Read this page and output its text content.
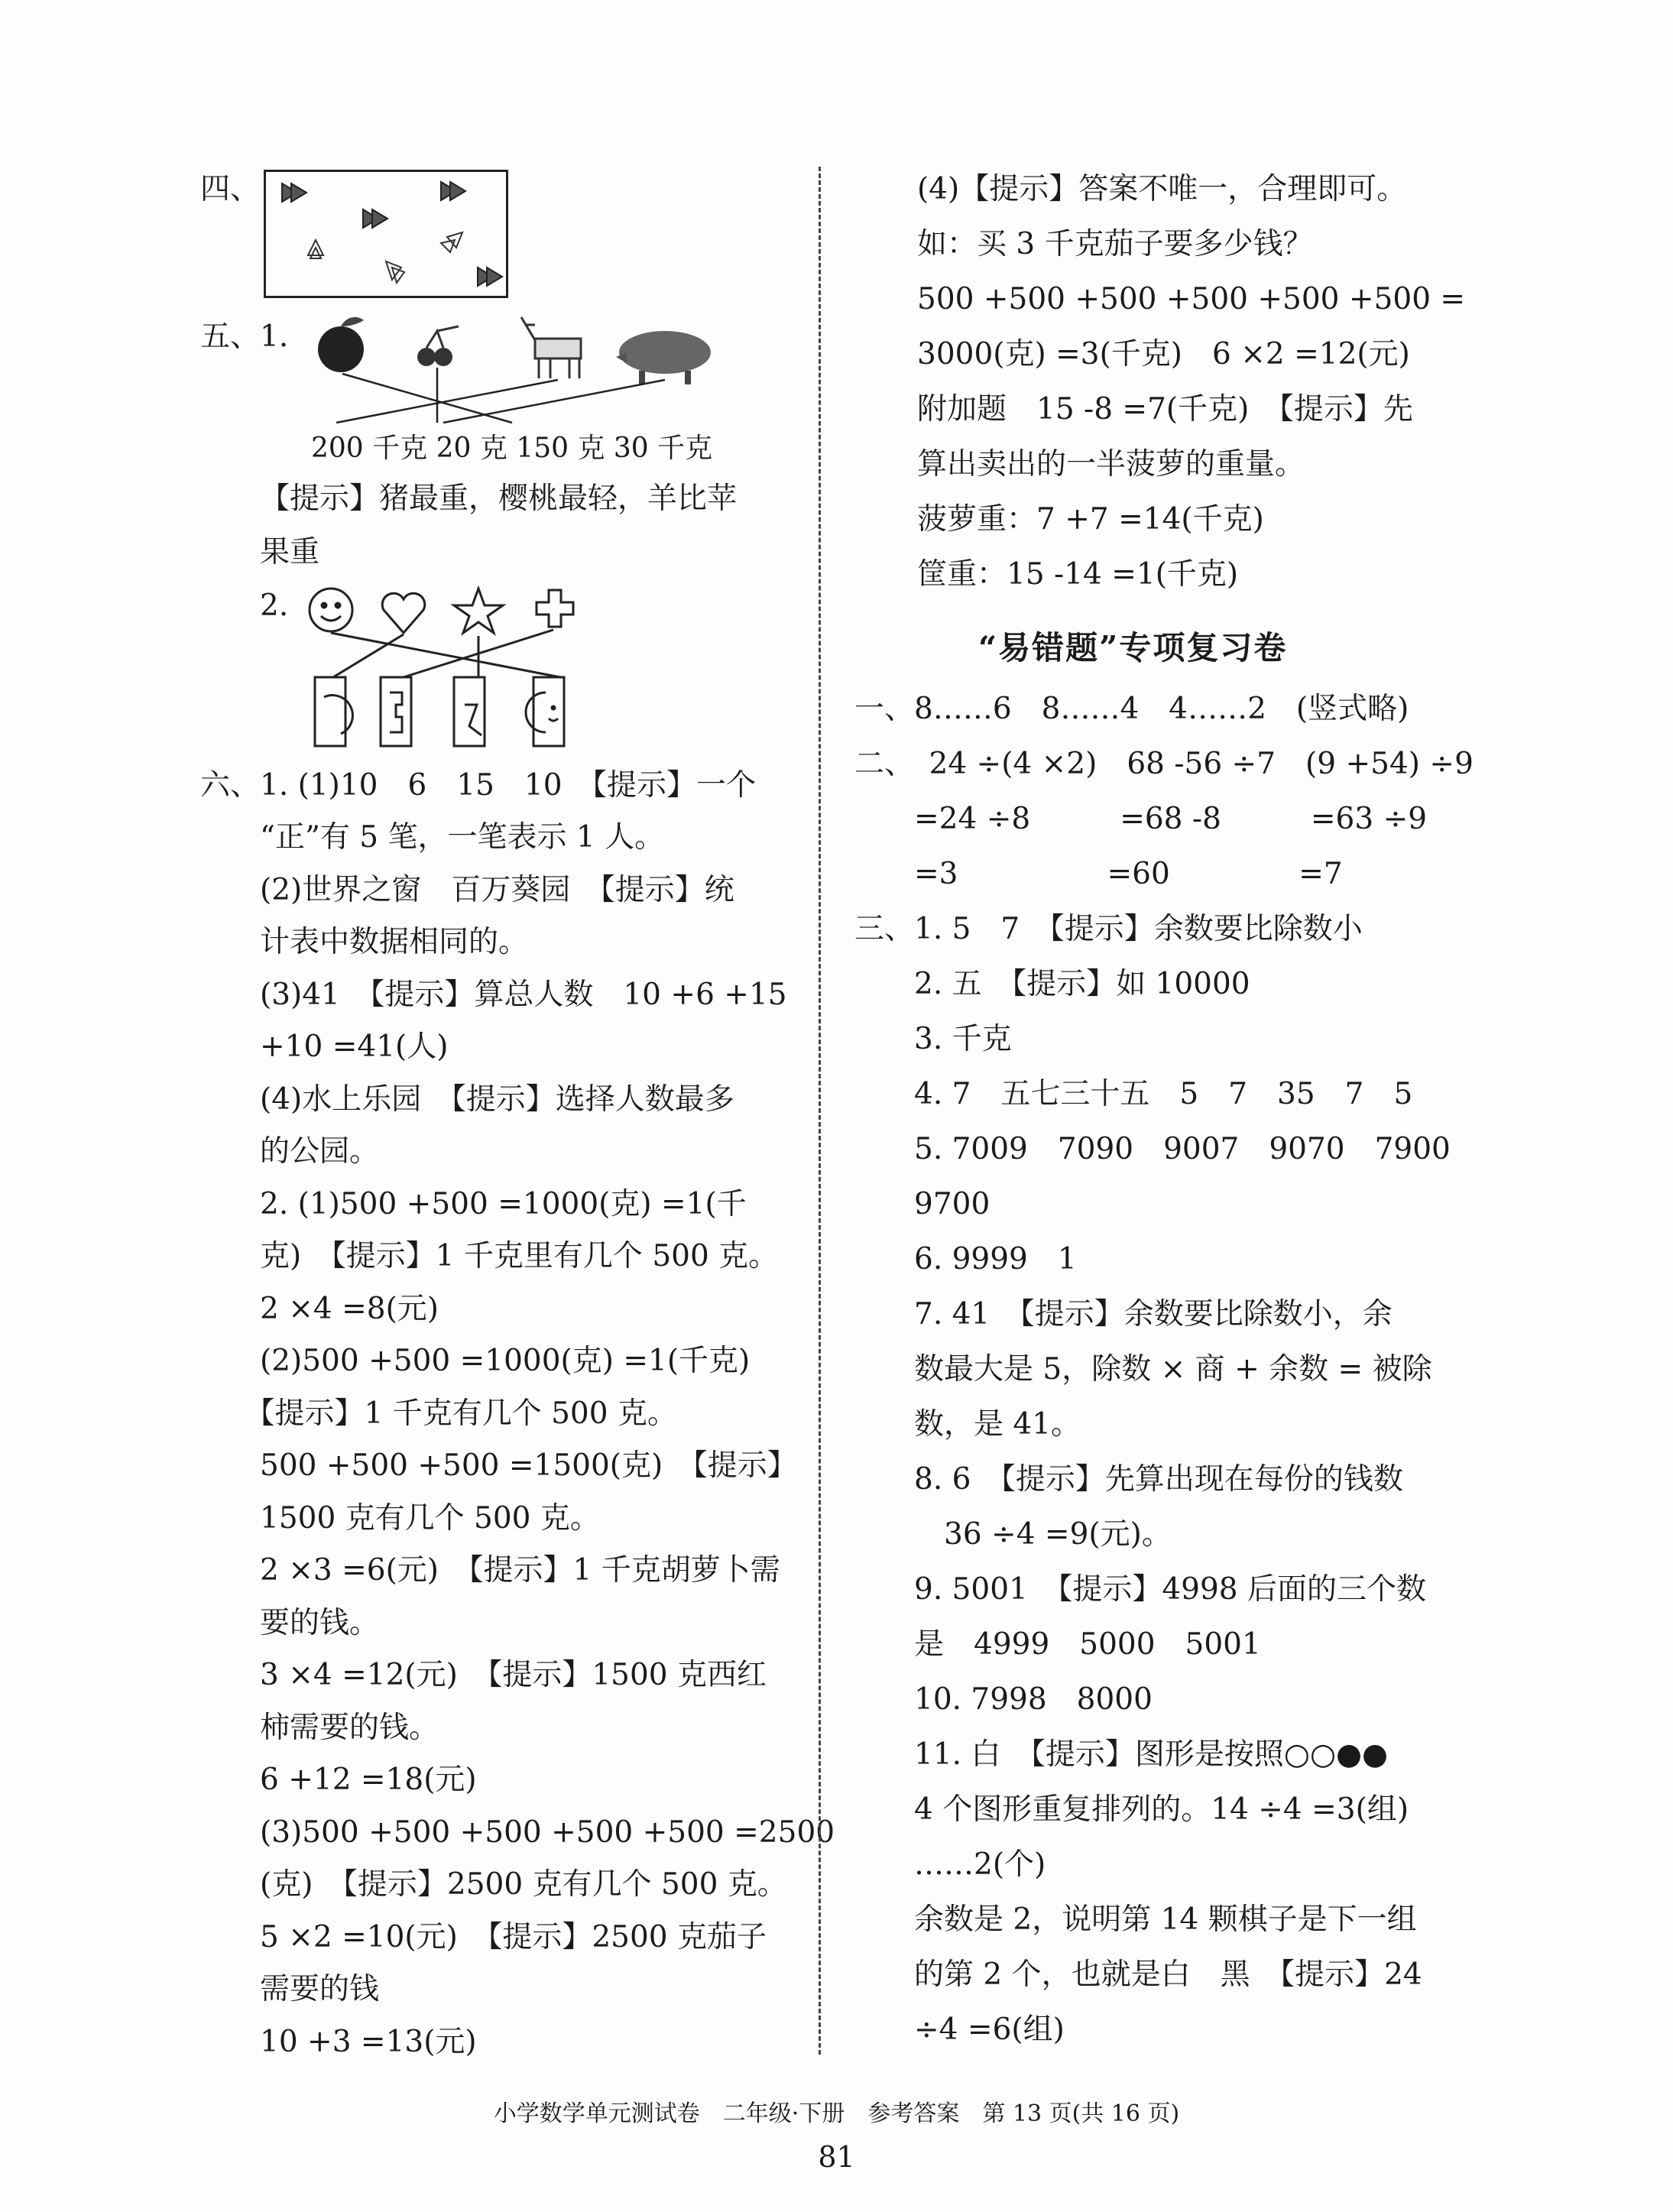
四、
五、1.
200 千克 20 克 150 克 30 千克
【提示】猪最重，樱桃最轻，羊比苹
果重
2.
六、1. (1)10　6　15　10　【提示】一个
　　“正”有 5 笔，一笔表示 1 人。
　　(2)世界之窗　百万葵园　【提示】统
　　计表中数据相同的。
　　(3)41　【提示】算总人数　10 +6 +15
　　+10 =41(人)
　　(4)水上乐园　【提示】选择人数最多
　　的公园。
　　2. (1)500 +500 =1000(克) =1(千
　　克)　【提示】1 千克里有几个 500 克。
　　2 ×4 =8(元)
　　(2)500 +500 =1000(克) =1(千克)
　　【提示】1 千克有几个 500 克。
　　500 +500 +500 =1500(克)　【提示】
　　1500 克有几个 500 克。
　　2 ×3 =6(元)　【提示】1 千克胡萝卜需
　　要的钱。
　　3 ×4 =12(元)　【提示】1500 克西红
　　柿需要的钱。
　　6 +12 =18(元)
　　(3)500 +500 +500 +500 +500 =2500
　　(克)　【提示】2500 克有几个 500 克。
　　5 ×2 =10(元)　【提示】2500 克茄子
　　需要的钱
　　10 +3 =13(元)
(4)【提示】答案不唯一，合理即可。
如：买 3 千克茄子要多少钱？
500 +500 +500 +500 +500 +500 =
3000(克) =3(千克)　6 ×2 =12(元)
附加题　15 -8 =7(千克)　【提示】先
算出卖出的一半菠萝的重量。
菠萝重：7 +7 =14(千克)
筐重：15 -14 =1(千克)
“易错题”专项复习卷
一、8……6　8……4　4……2　(竖式略)
二、　24 ÷(4 ×2)　68 -56 ÷7　(9 +54) ÷9
　　=24 ÷8　　　=68 -8　　　=63 ÷9
　　=3　　　　　=60　　　　 =7
三、1. 5　7　【提示】余数要比除数小
　　2. 五　【提示】如 10000
　　3. 千克
　　4. 7　五七三十五　5　7　35　7　5
　　5. 7009　7090　9007　9070　7900
　　9700
　　6. 9999　1
　　7. 41　【提示】余数要比除数小，余
　　数最大是 5，除数 × 商 + 余数 = 被除
　　数，是 41。
　　8. 6　【提示】先算出现在每份的钱数
　　　36 ÷4 =9(元)。
　　9. 5001　【提示】4998 后面的三个数
　　是　4999　5000　5001
　　10. 7998　8000
　　11. 白　【提示】图形是按照○○●●
　　4 个图形重复排列的。14 ÷4 =3(组)
　　……2(个)
　　余数是 2，说明第 14 颗棋子是下一组
　　的第 2 个，也就是白　黑　【提示】24
　　÷4 =6(组)
小学数学单元测试卷　二年级·下册　参考答案　第 13 页(共 16 页)
81
